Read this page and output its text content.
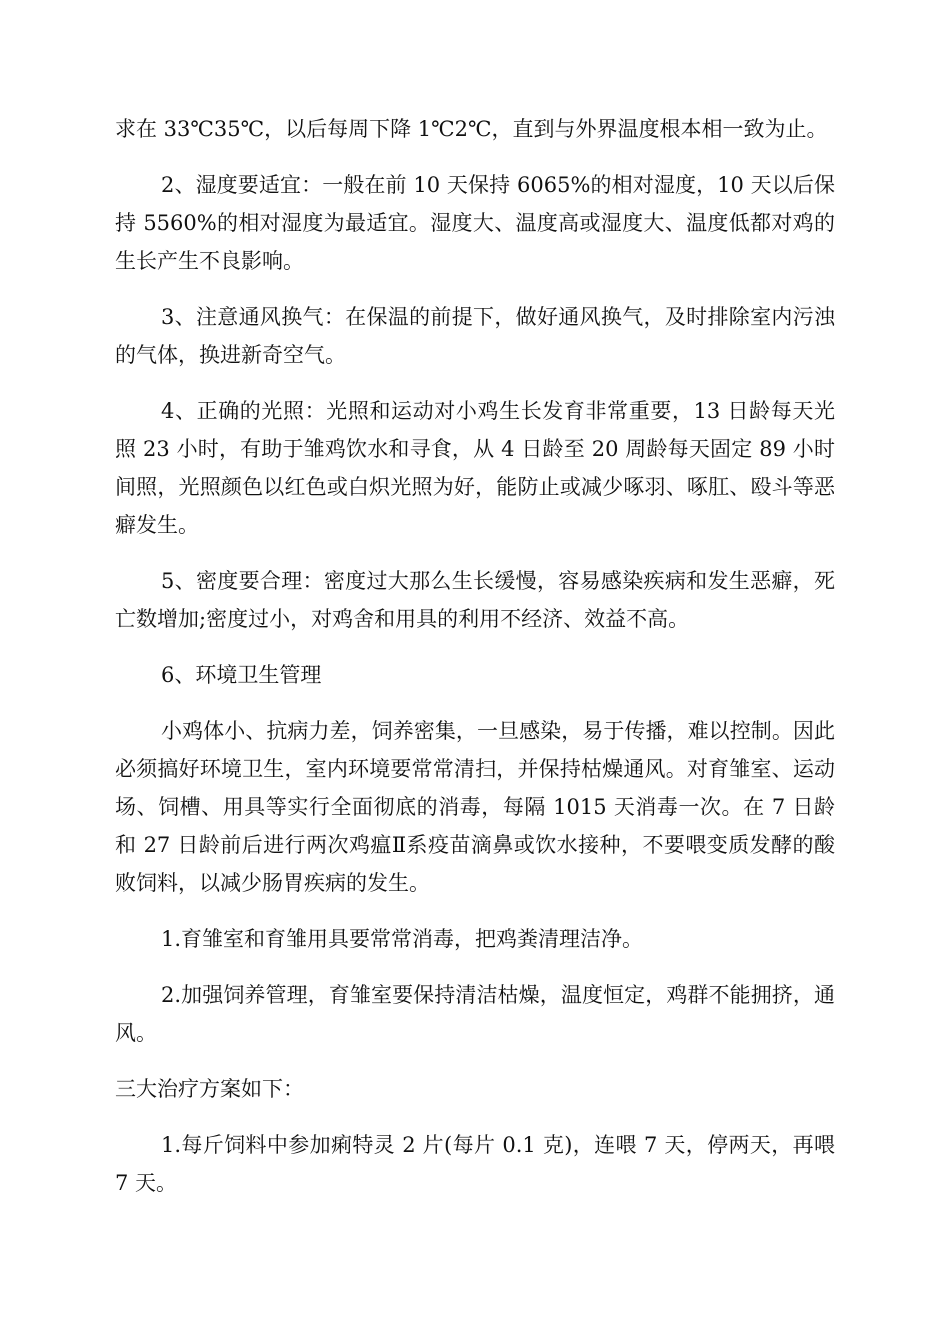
求在 33℃35℃，以后每周下降 1℃2℃，直到与外界温度根本相一致为止。

2、湿度要适宜：一般在前 10 天保持 6065%的相对湿度，10 天以后保持 5560%的相对湿度为最适宜。湿度大、温度高或湿度大、温度低都对鸡的生长产生不良影响。

3、注意通风换气：在保温的前提下，做好通风换气，及时排除室内污浊的气体，换进新奇空气。

4、正确的光照：光照和运动对小鸡生长发育非常重要，13 日龄每天光照 23 小时，有助于雏鸡饮水和寻食，从 4 日龄至 20 周龄每天固定 89 小时间照，光照颜色以红色或白炽光照为好，能防止或减少啄羽、啄肛、殴斗等恶癖发生。

5、密度要合理：密度过大那么生长缓慢，容易感染疾病和发生恶癖，死亡数增加;密度过小，对鸡舍和用具的利用不经济、效益不高。

6、环境卫生管理

小鸡体小、抗病力差，饲养密集，一旦感染，易于传播，难以控制。因此必须搞好环境卫生，室内环境要常常清扫，并保持枯燥通风。对育雏室、运动场、饲槽、用具等实行全面彻底的消毒，每隔 1015 天消毒一次。在 7 日龄和 27 日龄前后进行两次鸡瘟Ⅱ系疫苗滴鼻或饮水接种，不要喂变质发酵的酸败饲料，以减少肠胃疾病的发生。

1.育雏室和育雏用具要常常消毒，把鸡粪清理洁净。

2.加强饲养管理，育雏室要保持清洁枯燥，温度恒定，鸡群不能拥挤，通风。

三大治疗方案如下：

1.每斤饲料中参加痢特灵 2 片(每片 0.1 克)，连喂 7 天，停两天，再喂 7 天。
